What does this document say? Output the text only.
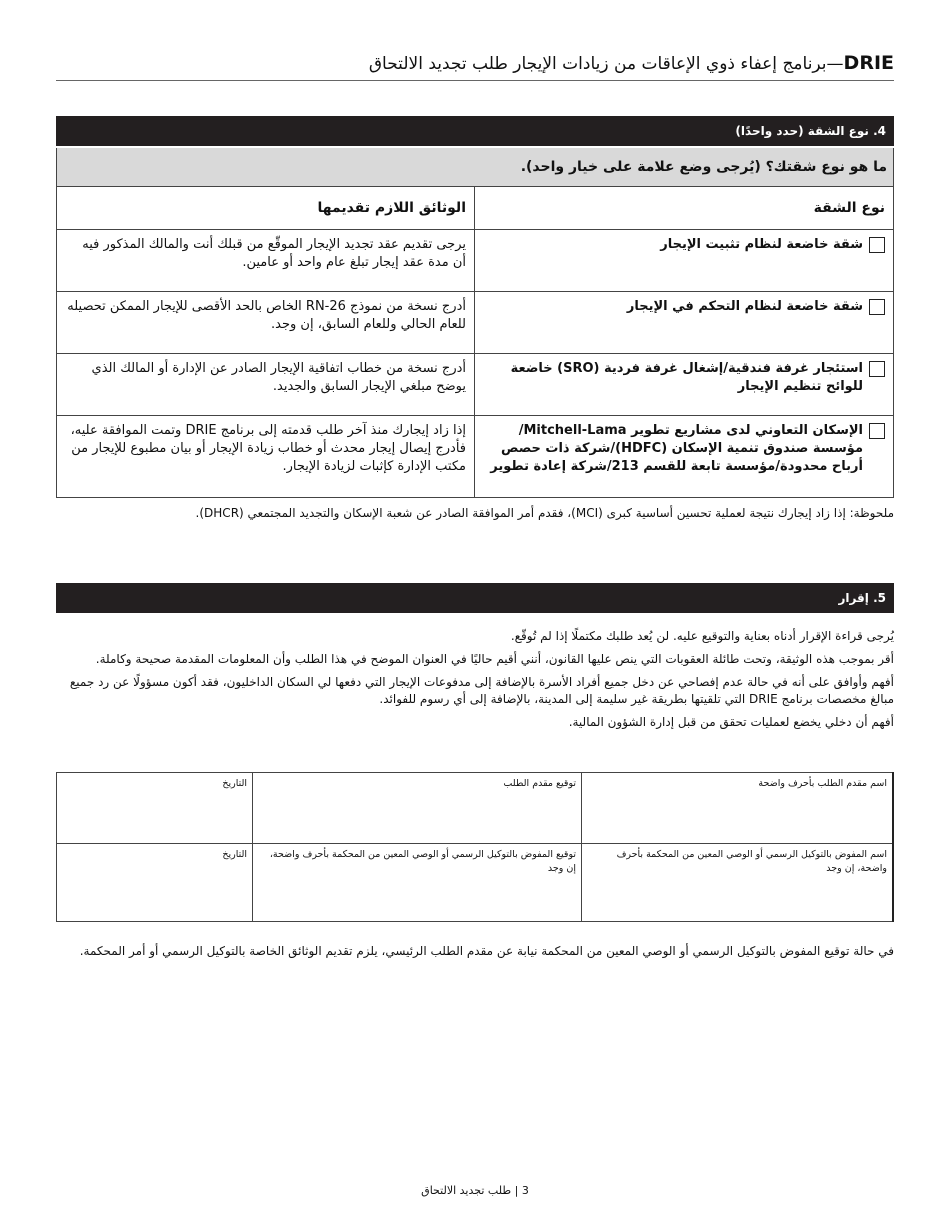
DRIE—برنامج إعفاء ذوي الإعاقات من زيادات الإيجار طلب تجديد الالتحاق
4. نوع الشقة (حدد واحدًا)
ما هو نوع شقتك؟ (يُرجى وضع علامة على خيار واحد).
نوع الشقة	الوثائق اللازم تقديمها

شقة خاضعة لنظام تثبيت الإيجار	يرجى تقديم عقد تجديد الإيجار الموقّع من قبلك أنت والمالك المذكور فيه أن مدة عقد إيجار تبلغ عام واحد أو عامين.

شقة خاضعة لنظام التحكم في الإيجار	أدرج نسخة من نموذج RN-26 الخاص بالحد الأقصى للإيجار الممكن تحصيله للعام الحالي وللعام السابق، إن وجد.

استئجار غرفة فندقية/إشغال غرفة فردية (SRO) خاضعة للوائح تنظيم الإيجار	أدرج نسخة من خطاب اتفاقية الإيجار الصادر عن الإدارة أو المالك الذي يوضح مبلغي الإيجار السابق والجديد.

الإسكان التعاوني لدى مشاريع تطوير Mitchell-Lama/مؤسسة صندوق تنمية الإسكان (HDFC)/شركة ذات حصص أرباح محدودة/مؤسسة تابعة للقسم 213/شركة إعادة تطوير	إذا زاد إيجارك منذ آخر طلب قدمته إلى برنامج DRIE وتمت الموافقة عليه، فأدرج إيصال إيجار محدث أو خطاب زيادة الإيجار أو بيان مطبوع للإيجار من مكتب الإدارة كإثبات لزيادة الإيجار.
ملحوظة: إذا زاد إيجارك نتيجة لعملية تحسين أساسية كبرى (MCI)، فقدم أمر الموافقة الصادر عن شعبة الإسكان والتجديد المجتمعي (DHCR).
5. إقرار

يُرجى قراءة الإقرار أدناه بعناية والتوقيع عليه. لن يُعد طلبك مكتملًا إذا لم تُوقّع.

أقر بموجب هذه الوثيقة، وتحت طائلة العقوبات التي ينص عليها القانون، أنني أقيم حاليًا في العنوان الموضح في هذا الطلب وأن المعلومات المقدمة صحيحة وكاملة.

أفهم وأوافق على أنه في حالة عدم إفصاحي عن دخل جميع أفراد الأسرة بالإضافة إلى مدفوعات الإيجار التي دفعها لي السكان الداخليون، فقد أكون مسؤولًا عن رد جميع مبالغ مخصصات برنامج DRIE التي تلقيتها بطريقة غير سليمة إلى المدينة، بالإضافة إلى أي رسوم للفوائد.

أفهم أن دخلي يخضع لعمليات تحقق من قبل إدارة الشؤون المالية.

اسم مقدم الطلب بأحرف واضحة	توقيع مقدم الطلب	التاريخ
اسم المفوض بالتوكيل الرسمي أو الوصي المعين من المحكمة بأحرف واضحة، إن وجد	توقيع المفوض بالتوكيل الرسمي أو الوصي المعين من المحكمة بأحرف واضحة، إن وجد	التاريخ
في حالة توقيع المفوض بالتوكيل الرسمي أو الوصي المعين من المحكمة نيابة عن مقدم الطلب الرئيسي، يلزم تقديم الوثائق الخاصة بالتوكيل الرسمي أو أمر المحكمة.
3 | طلب تجديد الالتحاق
